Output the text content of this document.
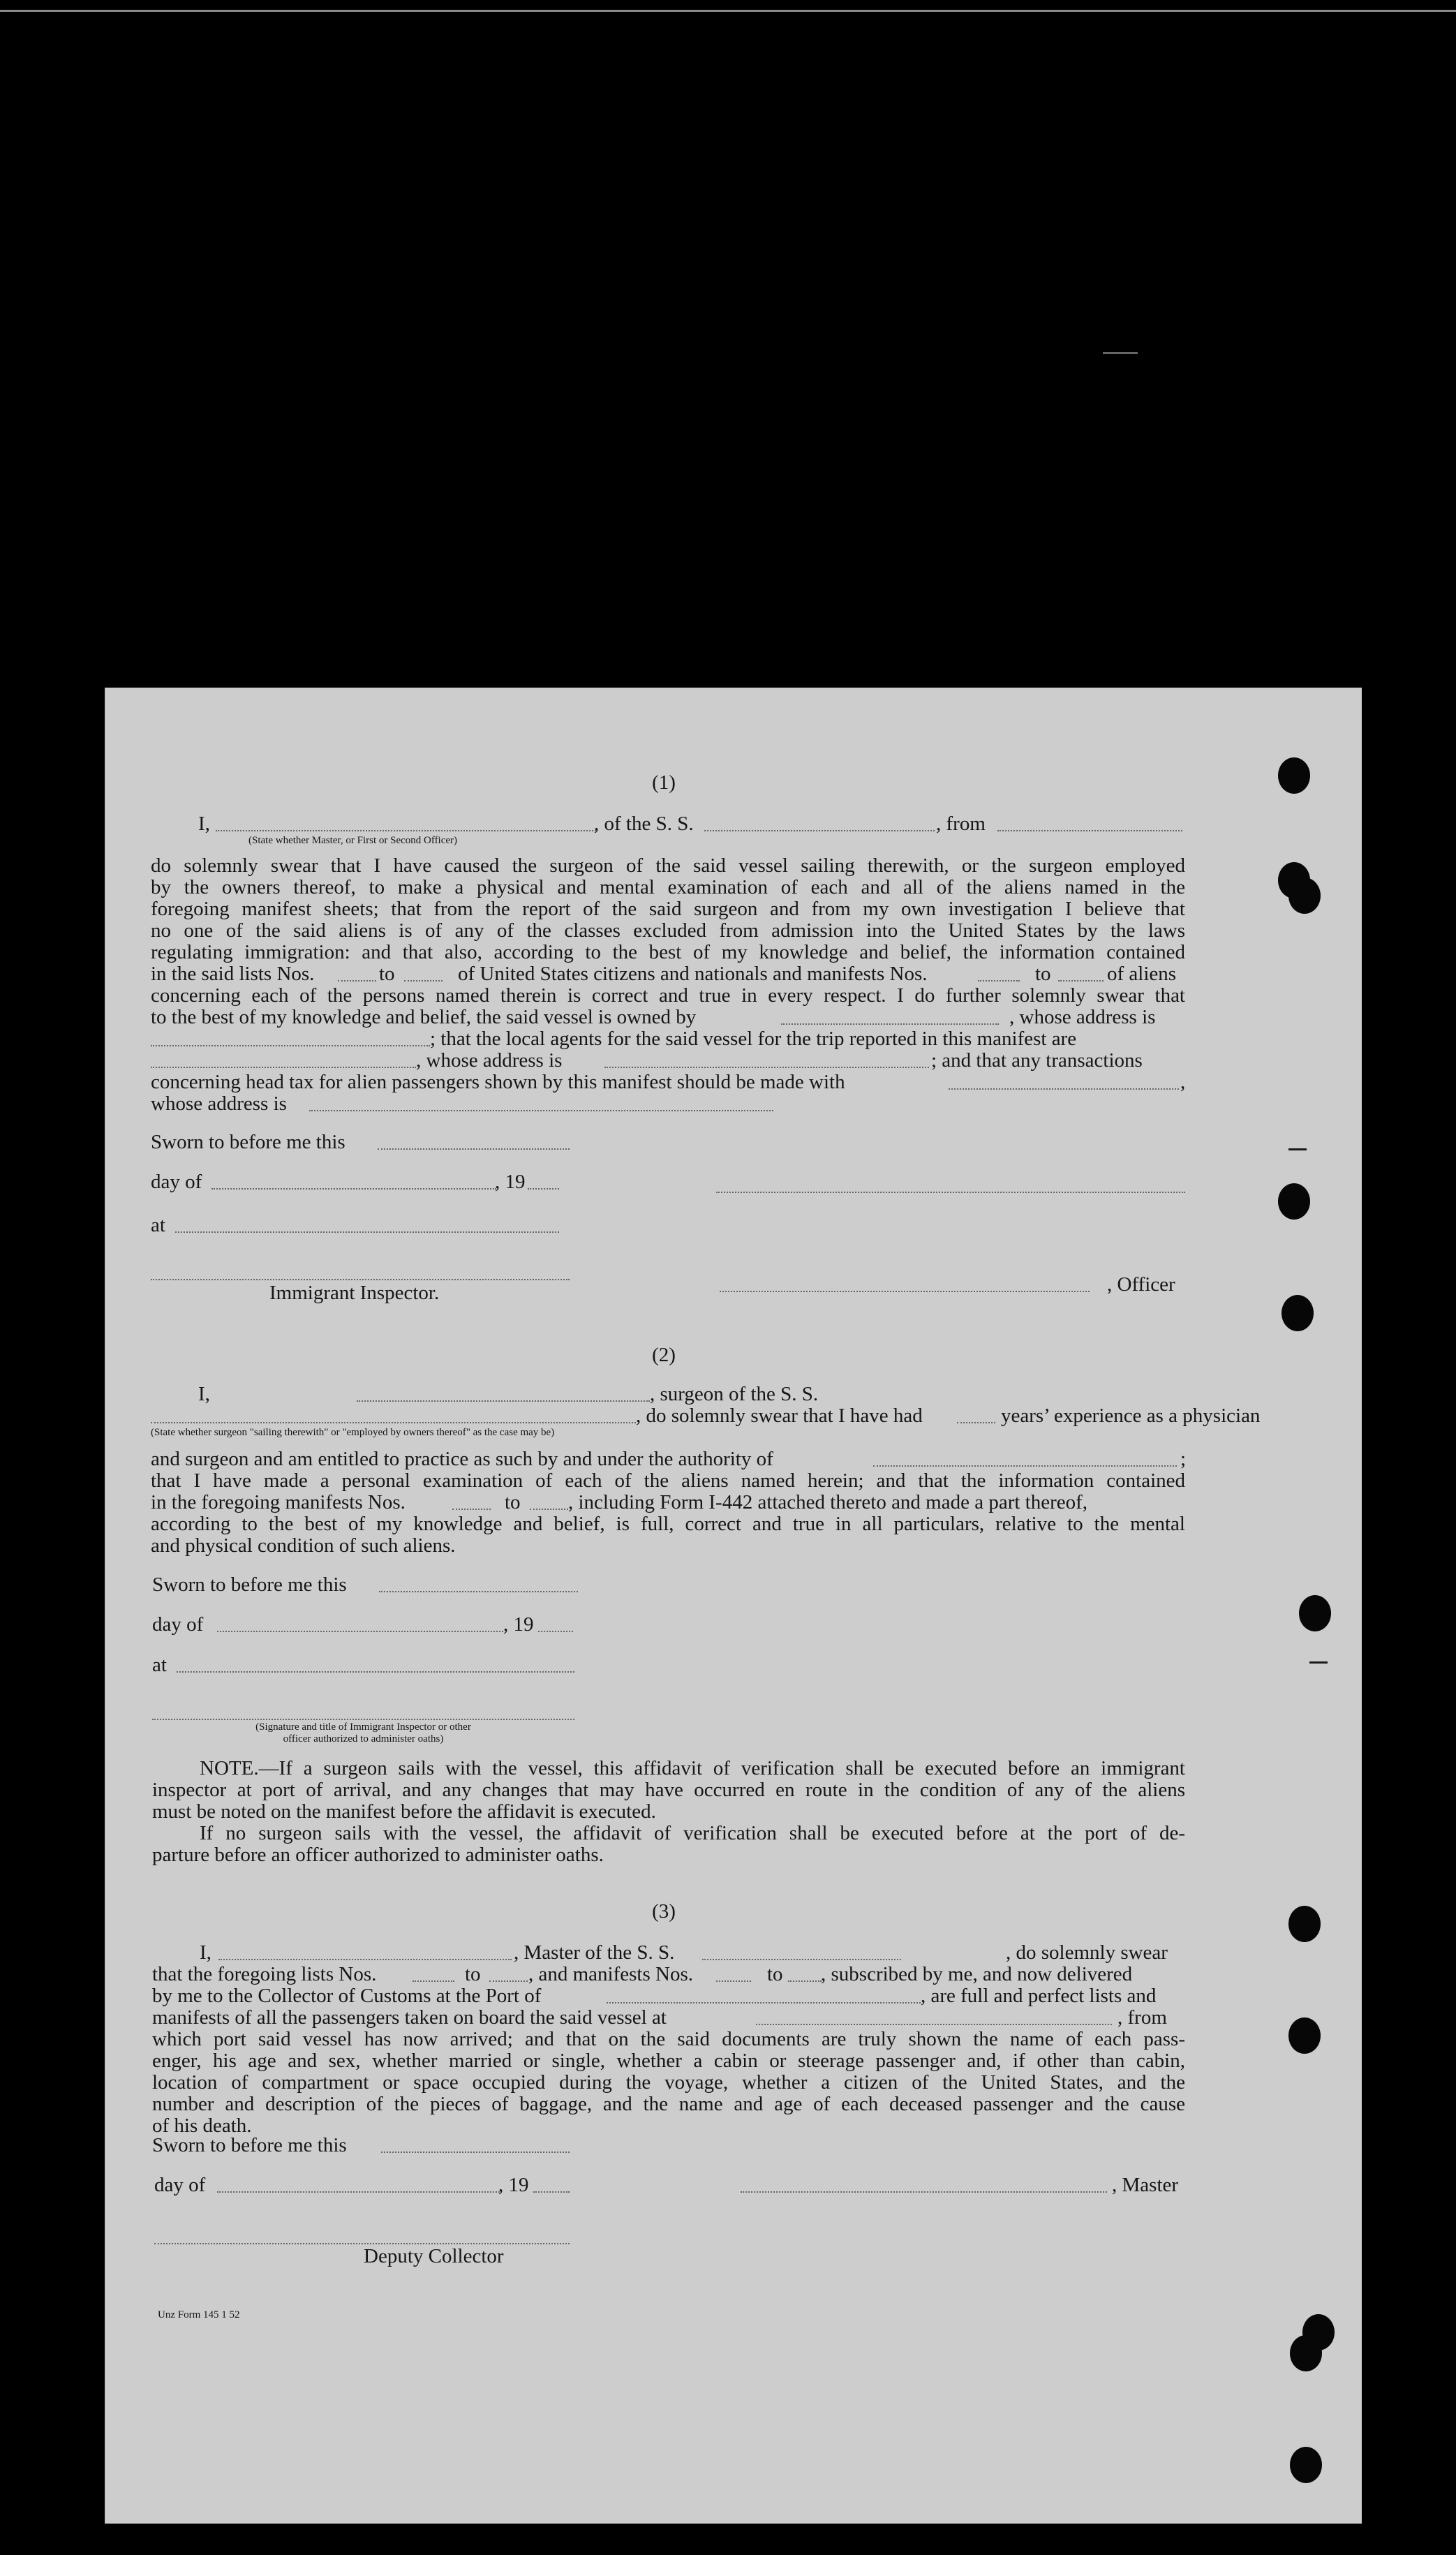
(1)
I,	, of the S. S.	, from
(State whether Master, or First or Second Officer)
do solemnly swear that I have caused the surgeon of the said vessel sailing therewith, or the surgeon employed
by the owners thereof, to make a physical and mental examination of each and all of the aliens named in the
foregoing manifest sheets; that from the report of the said surgeon and from my own investigation I believe that
no one of the said aliens is of any of the classes excluded from admission into the United States by the laws
regulating immigration: and that also, according to the best of my knowledge and belief, the information contained
in the said lists Nos.	to	of United States citizens and nationals and manifests Nos.	to	of aliens
concerning each of the persons named therein is correct and true in every respect. I do further solemnly swear that
to the best of my knowledge and belief, the said vessel is owned by	, whose address is
; that the local agents for the said vessel for the trip reported in this manifest are
, whose address is	; and that any transactions
concerning head tax for alien passengers shown by this manifest should be made with	,
whose address is
Sworn to before me this
day of	, 19
at
, Officer
Immigrant Inspector.
(2)
I,	, surgeon of the S. S.
, do solemnly swear that I have had	years’ experience as a physician
(State whether surgeon "sailing therewith" or "employed by owners thereof" as the case may be)
and surgeon and am entitled to practice as such by and under the authority of	;
that I have made a personal examination of each of the aliens named herein; and that the information contained
in the foregoing manifests Nos.	to , including Form I-442 attached thereto and made a part thereof,
according to the best of my knowledge and belief, is full, correct and true in all particulars, relative to the mental
and physical condition of such aliens.
Sworn to before me this
day of	, 19
at
(Signature and title of Immigrant Inspector or other
officer authorized to administer oaths)
NOTE.—If a surgeon sails with the vessel, this affidavit of verification shall be executed before an immigrant
inspector at port of arrival, and any changes that may have occurred en route in the condition of any of the aliens
must be noted on the manifest before the affidavit is executed.
If no surgeon sails with the vessel, the affidavit of verification shall be executed before at the port of de-
parture before an officer authorized to administer oaths.
(3)
I,	, Master of the S. S.	, do solemnly swear
that the foregoing lists Nos.	to , and manifests Nos.	to , subscribed by me, and now delivered
by me to the Collector of Customs at the Port of	, are full and perfect lists and
manifests of all the passengers taken on board the said vessel at	, from
which port said vessel has now arrived; and that on the said documents are truly shown the name of each pass-
enger, his age and sex, whether married or single, whether a cabin or steerage passenger and, if other than cabin,
location of compartment or space occupied during the voyage, whether a citizen of the United States, and the
number and description of the pieces of baggage, and the name and age of each deceased passenger and the cause
of his death.
Sworn to before me this
day of	, 19	, Master
Deputy Collector
Unz Form 145 1 52
